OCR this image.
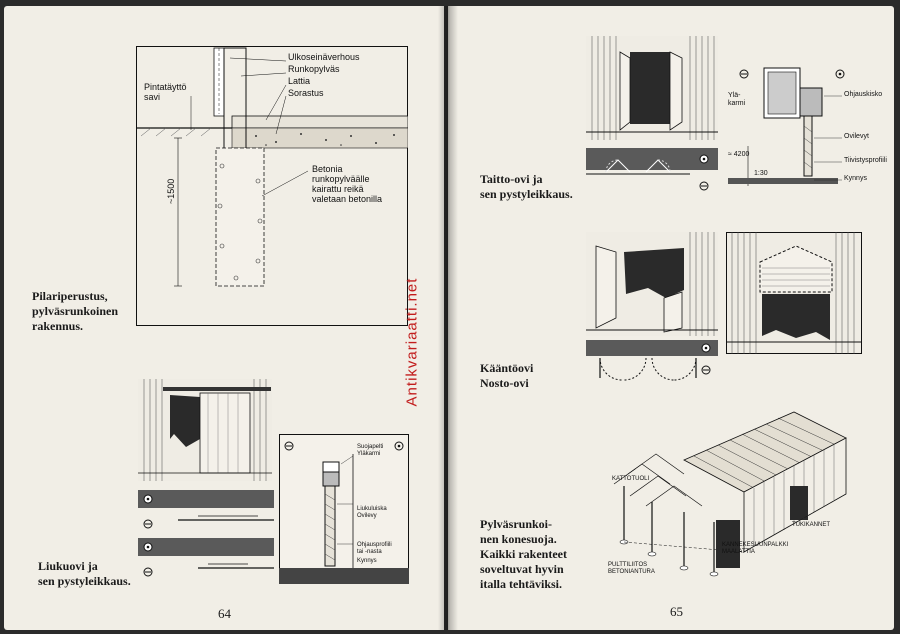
Ulkoseinäverhous
Runkopylväs
Lattia
Sorastus
Pintatäyttö
savi
Betonia
runkopylväälle
kairattu reikä
valetaan betonilla
~1500
Pilariperustus,
pylväsrunkoinen
rakennus.
Suojapelti
Yläkarmi
Liukuluiska
Ovilevy
Ohjausprofiili
tai -nasta
Kynnys
Liukuovi ja
sen pystyleikkaus.
64
Antikvariaatti.net
Ohjauskisko
Ylä-
karmi
Ovilevyt
Tiivistysprofiili
Kynnys
≈ 4200
1:30
Taitto-ovi ja
sen pystyleikkaus.
Kääntöovi
Nosto-ovi
KATTOTUOLI
TUKIKANNET
PULTTILIITOS
BETONIANTURA
KANNEKESUUNPALKKI
MAALATTIA
Pylväsrunkoi-
nen konesuoja.
Kaikki rakenteet
soveltuvat hyvin
italla tehtäviksi.
65
